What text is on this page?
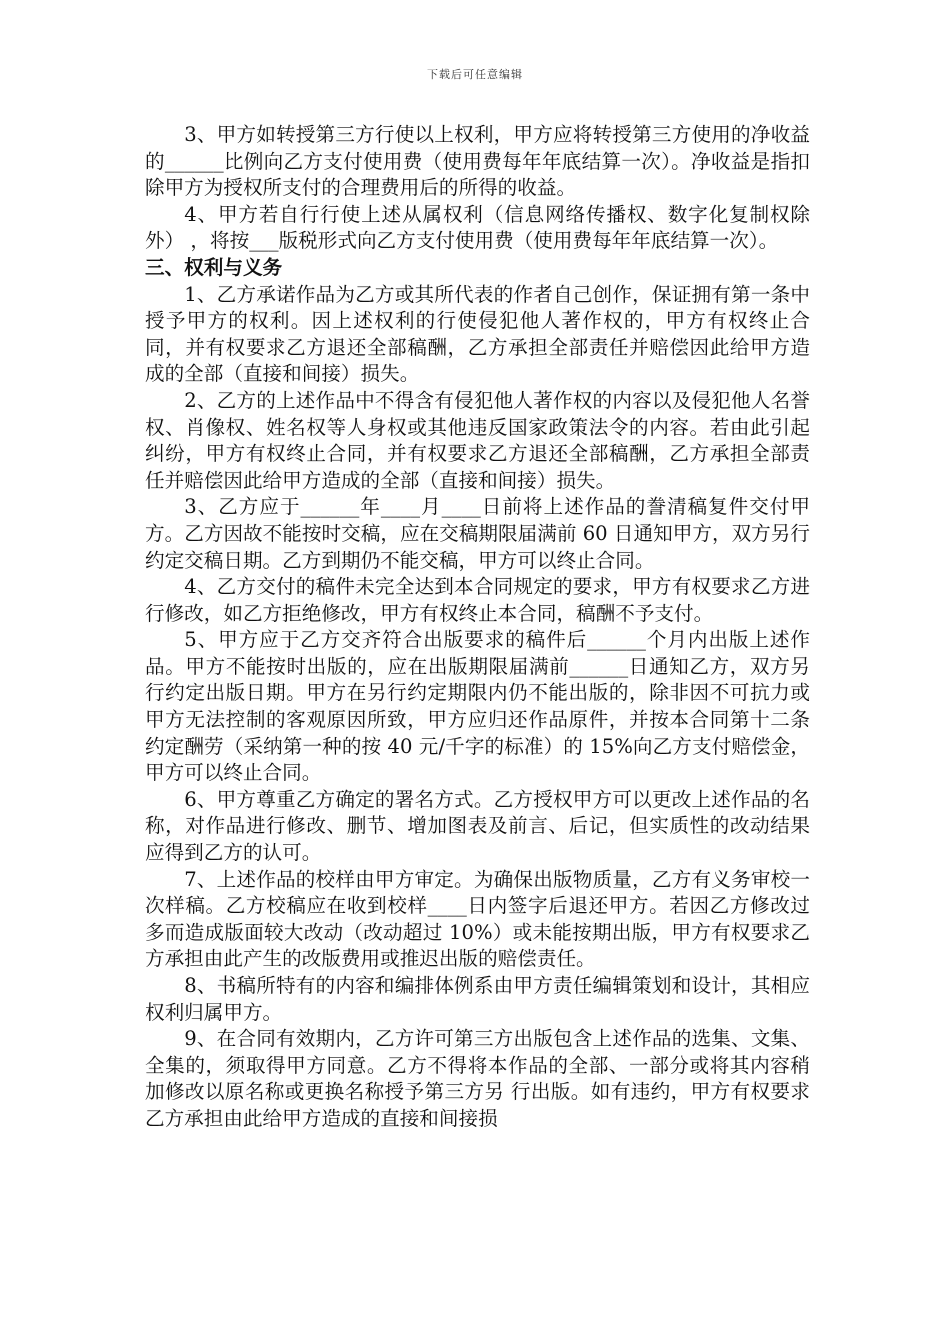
下载后可任意编辑

3、甲方如转授第三方行使以上权利，甲方应将转授第三方使用的净收益的______比例向乙方支付使用费（使用费每年年底结算一次）。净收益是指扣除甲方为授权所支付的合理费用后的所得的收益。

4、甲方若自行行使上述从属权利（信息网络传播权、数字化复制权除外） ，将按___版税形式向乙方支付使用费（使用费每年年底结算一次）。

三、权利与义务

1、乙方承诺作品为乙方或其所代表的作者自己创作，保证拥有第一条中授予甲方的权利。因上述权利的行使侵犯他人著作权的，甲方有权终止合同，并有权要求乙方退还全部稿酬，乙方承担全部责任并赔偿因此给甲方造成的全部（直接和间接）损失。

2、乙方的上述作品中不得含有侵犯他人著作权的内容以及侵犯他人名誉权、肖像权、姓名权等人身权或其他违反国家政策法令的内容。若由此引起纠纷，甲方有权终止合同，并有权要求乙方退还全部稿酬，乙方承担全部责任并赔偿因此给甲方造成的全部（直接和间接）损失。

3、乙方应于______年____月____日前将上述作品的誊清稿复件交付甲方。乙方因故不能按时交稿，应在交稿期限届满前 60 日通知甲方，双方另行约定交稿日期。乙方到期仍不能交稿，甲方可以终止合同。

4、乙方交付的稿件未完全达到本合同规定的要求，甲方有权要求乙方进行修改，如乙方拒绝修改，甲方有权终止本合同，稿酬不予支付。

5、甲方应于乙方交齐符合出版要求的稿件后______个月内出版上述作品。甲方不能按时出版的，应在出版期限届满前______日通知乙方，双方另行约定出版日期。甲方在另行约定期限内仍不能出版的，除非因不可抗力或甲方无法控制的客观原因所致，甲方应归还作品原件，并按本合同第十二条约定酬劳（采纳第一种的按 40 元/千字的标准）的 15%向乙方支付赔偿金，甲方可以终止合同。

6、甲方尊重乙方确定的署名方式。乙方授权甲方可以更改上述作品的名称，对作品进行修改、删节、增加图表及前言、后记，但实质性的改动结果应得到乙方的认可。

7、上述作品的校样由甲方审定。为确保出版物质量，乙方有义务审校一次样稿。乙方校稿应在收到校样____日内签字后退还甲方。若因乙方修改过多而造成版面较大改动（改动超过 10%）或未能按期出版，甲方有权要求乙方承担由此产生的改版费用或推迟出版的赔偿责任。

8、书稿所特有的内容和编排体例系由甲方责任编辑策划和设计，其相应权利归属甲方。

9、在合同有效期内，乙方许可第三方出版包含上述作品的选集、文集、全集的，须取得甲方同意。乙方不得将本作品的全部、一部分或将其内容稍加修改以原名称或更换名称授予第三方另 行出版。如有违约，甲方有权要求乙方承担由此给甲方造成的直接和间接损
